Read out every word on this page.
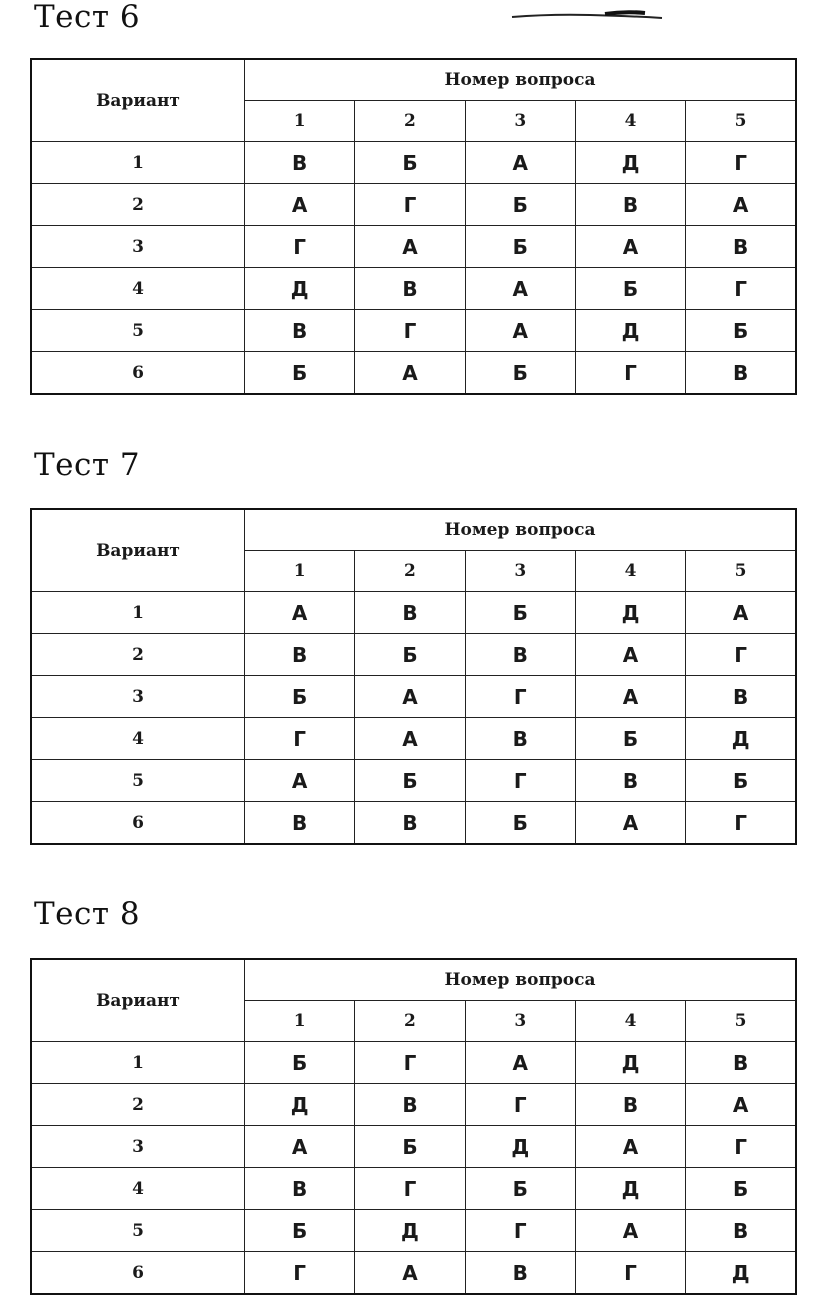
Тест 6
Вариант	Номер вопроса				
	1	2	3	4	5
1	В	Б	А	Д	Г
2	А	Г	Б	В	А
3	Г	А	Б	А	В
4	Д	В	А	Б	Г
5	В	Г	А	Д	Б
6	Б	А	Б	Г	В
Тест 7
Вариант	Номер вопроса				
	1	2	3	4	5
1	А	В	Б	Д	А
2	В	Б	В	А	Г
3	Б	А	Г	А	В
4	Г	А	В	Б	Д
5	А	Б	Г	В	Б
6	В	В	Б	А	Г
Тест 8
Вариант	Номер вопроса				
	1	2	3	4	5
1	Б	Г	А	Д	В
2	Д	В	Г	В	А
3	А	Б	Д	А	Г
4	В	Г	Б	Д	Б
5	Б	Д	Г	А	В
6	Г	А	В	Г	Д
